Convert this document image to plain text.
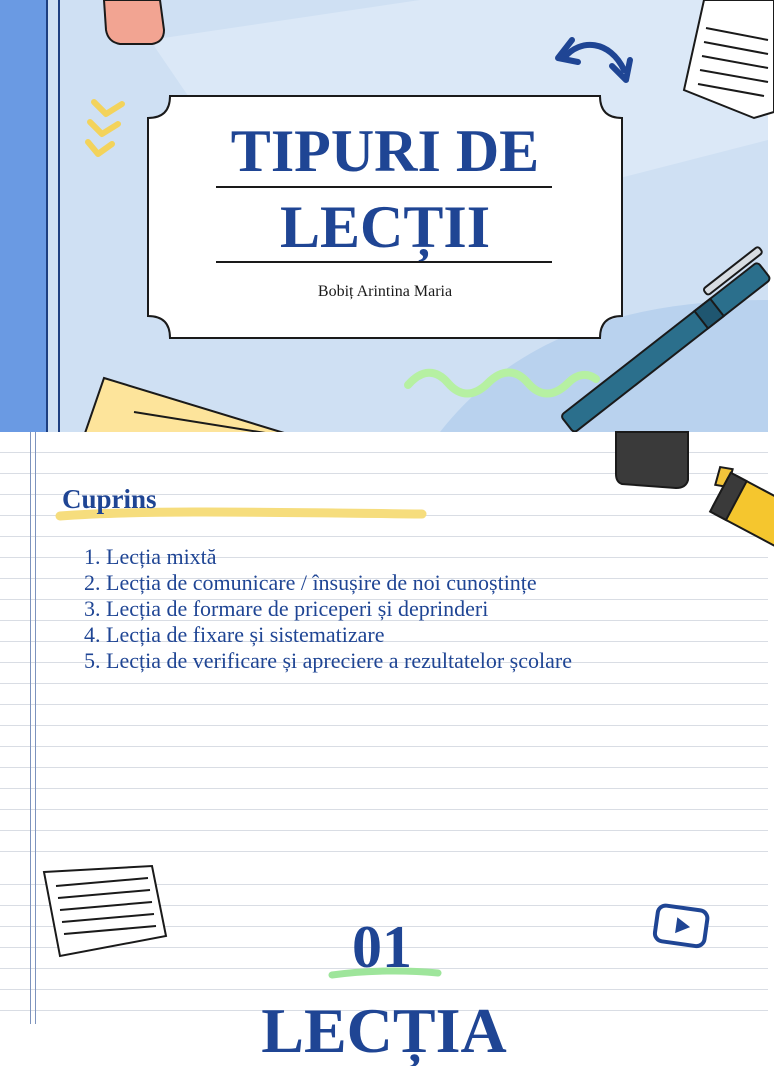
TIPURI DE
LECȚII
Bobiț Arintina Maria
Cuprins
1. Lecția mixtă
2. Lecția de comunicare / însușire de noi cunoștințe
3. Lecția de formare de priceperi și deprinderi
4. Lecția de fixare și sistematizare
5. Lecția de verificare și apreciere a rezultatelor școlare
01
LECȚIA
